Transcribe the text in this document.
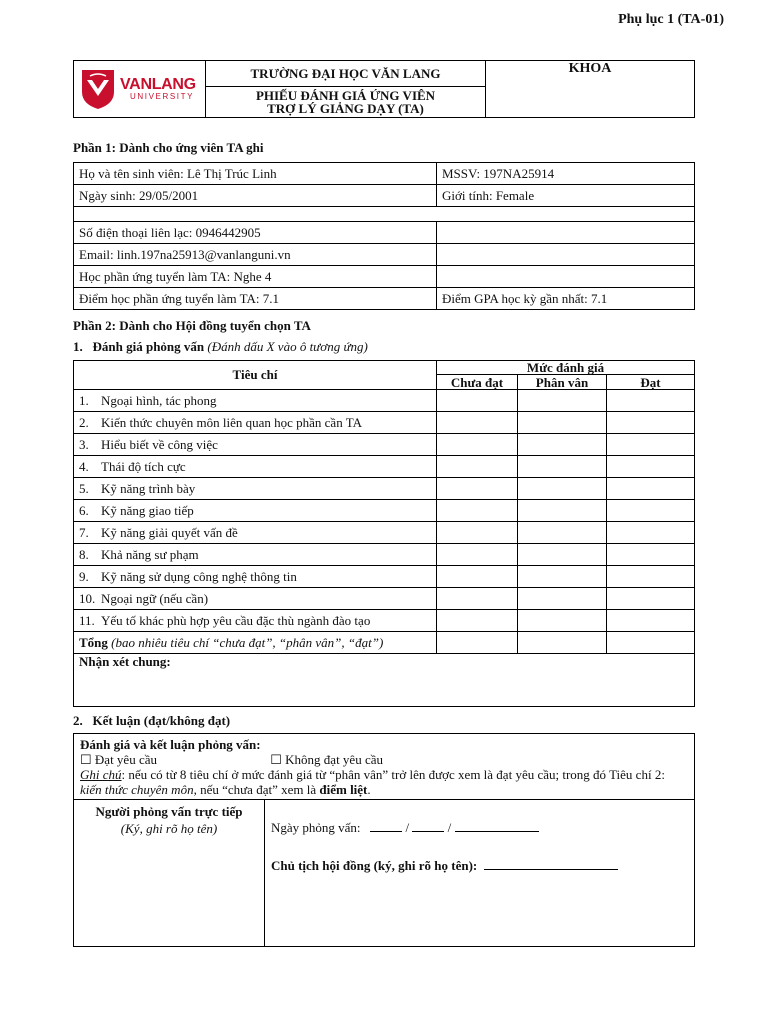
Phụ lục 1 (TA-01)
VANLANG
UNIVERSITY
	TRƯỜNG ĐẠI HỌC VĂN LANG	KHOA

PHIẾU ĐÁNH GIÁ ỨNG VIÊN
TRỢ LÝ GIẢNG DẠY (TA)
Phần 1: Dành cho ứng viên TA ghi
Họ và tên sinh viên: Lê Thị Trúc Linh	MSSV: 197NA25914
Ngày sinh: 29/05/2001	Giới tính: Female

Số điện thoại liên lạc: 0946442905	
Email: linh.197na25913@vanlanguni.vn	
Học phần ứng tuyển làm TA: Nghe 4	
Điểm học phần ứng tuyển làm TA: 7.1	Điểm GPA học kỳ gần nhất: 7.1
Phần 2: Dành cho Hội đồng tuyển chọn TA
1. Đánh giá phỏng vấn (Đánh dấu X vào ô tương ứng)
Tiêu chí	Mức đánh giá		
	Chưa đạt	Phân vân	Đạt
1. Ngoại hình, tác phong			
2. Kiến thức chuyên môn liên quan học phần cần TA			
3. Hiểu biết về công việc			
4. Thái độ tích cực			
5. Kỹ năng trình bày			
6. Kỹ năng giao tiếp			
7. Kỹ năng giải quyết vấn đề			
8. Khả năng sư phạm			
9. Kỹ năng sử dụng công nghệ thông tin			
10. Ngoại ngữ (nếu cần)			
11. Yếu tố khác phù hợp yêu cầu đặc thù ngành đào tạo			
Tổng (bao nhiêu tiêu chí “chưa đạt”, “phân vân”, “đạt”)			
Nhận xét chung:			
2. Kết luận (đạt/không đạt)
Đánh giá và kết luận phỏng vấn:
☐ Đạt yêu cầu	☐ Không đạt yêu cầu
Ghi chú: nếu có từ 8 tiêu chí ở mức đánh giá từ “phân vân” trở lên được xem là đạt yêu cầu; trong đó Tiêu chí 2: kiến thức chuyên môn, nếu “chưa đạt” xem là điểm liệt.

Người phỏng vấn trực tiếp
(Ký, ghi rõ họ tên)	Ngày phỏng vấn:	/  /
Chủ tịch hội đồng (ký, ghi rõ họ tên):
